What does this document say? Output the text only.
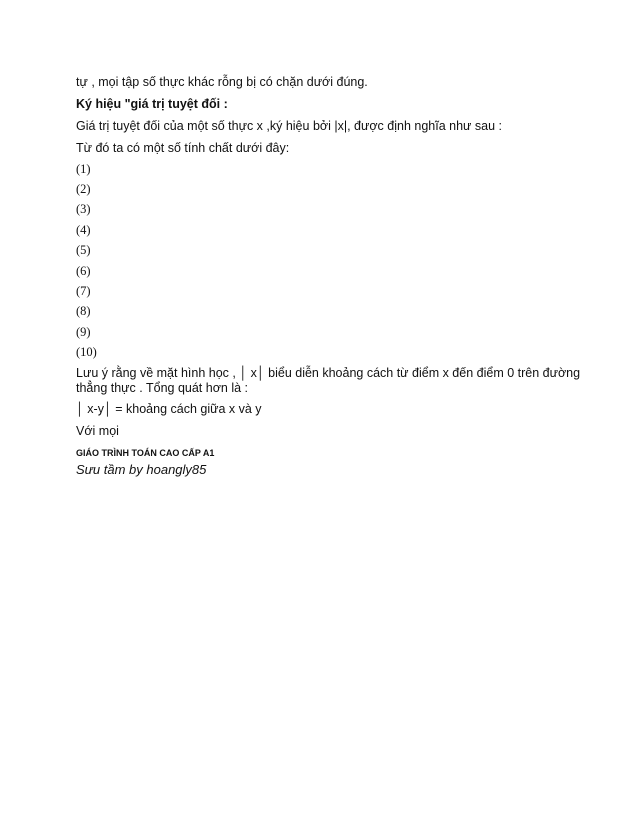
tự , mọi tập số thực khác rỗng bị có chặn dưới đúng.
Ký hiệu "giá trị tuyệt đối :
Giá trị tuyệt đối của một số thực x ,ký hiệu bởi |x|, được định nghĩa như sau :
Từ đó ta có một số tính chất dưới đây:
(1)
(2)
(3)
(4)
(5)
(6)
(7)
(8)
(9)
(10)
Lưu ý rằng về mặt hình học , │ x│ biểu diễn khoảng cách từ điểm x đến điểm 0 trên đường
thẳng thực . Tổng quát hơn là :
│ x-y│ = khoảng cách giữa x và y
Với mọi
GIÁO TRÌNH TOÁN CAO CẤP A1
Sưu tầm by hoangly85
